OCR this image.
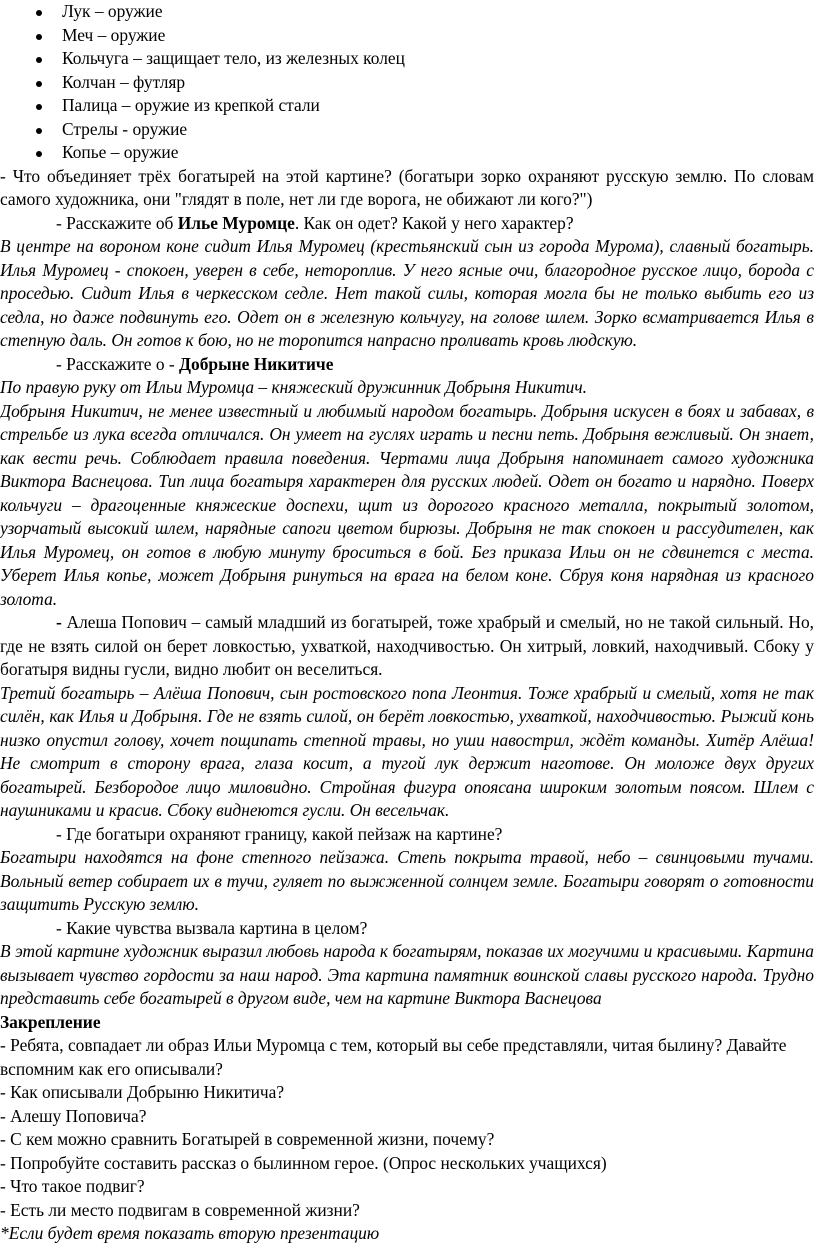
Лук – оружие
Меч – оружие
Кольчуга – защищает тело, из железных колец
Колчан – футляр
Палица – оружие из крепкой стали
Стрелы - оружие
Копье – оружие

- Что объединяет трёх богатырей на этой картине? (богатыри зорко охраняют русскую землю. По словам самого художника, они "глядят в поле, нет ли где ворога, не обижают ли кого?")

- Расскажите об Илье Муромце. Как он одет? Какой у него характер?

В центре на вороном коне сидит Илья Муромец (крестьянский сын из города Мурома), славный богатырь. Илья Муромец - спокоен, уверен в себе, нетороплив. У него ясные очи, благородное русское лицо, борода с проседью. Сидит Илья в черкесском седле. Нет такой силы, которая могла бы не только выбить его из седла, но даже подвинуть его. Одет он в железную кольчугу, на голове шлем. Зорко всматривается Илья в степную даль. Он готов к бою, но не торопится напрасно проливать кровь людскую.

- Расскажите о - Добрыне Никитиче

По правую руку от Ильи Муромца – княжеский дружинник Добрыня Никитич.

Добрыня Никитич, не менее известный и любимый народом богатырь. Добрыня искусен в боях и забавах, в стрельбе из лука всегда отличался. Он умеет на гуслях играть и песни петь. Добрыня вежливый. Он знает, как вести речь. Соблюдает правила поведения. Чертами лица Добрыня напоминает самого художника Виктора Васнецова. Тип лица богатыря характерен для русских людей. Одет он богато и нарядно. Поверх кольчуги – драгоценные княжеские доспехи, щит из дорогого красного металла, покрытый золотом, узорчатый высокий шлем, нарядные сапоги цветом бирюзы. Добрыня не так спокоен и рассудителен, как Илья Муромец, он готов в любую минуту броситься в бой. Без приказа Ильи он не сдвинется с места. Уберет Илья копье, может Добрыня ринуться на врага на белом коне. Сбруя коня нарядная из красного золота.

- Алеша Попович – самый младший из богатырей, тоже храбрый и смелый, но не такой сильный. Но, где не взять силой он берет ловкостью, ухваткой, находчивостью. Он хитрый, ловкий, находчивый. Сбоку у богатыря видны гусли, видно любит он веселиться.

Третий богатырь – Алёша Попович, сын ростовского попа Леонтия. Тоже храбрый и смелый, хотя не так силён, как Илья и Добрыня. Где не взять силой, он берёт ловкостью, ухваткой, находчивостью. Рыжий конь низко опустил голову, хочет пощипать степной травы, но уши навострил, ждёт команды. Хитёр Алёша! Не смотрит в сторону врага, глаза косит, а тугой лук держит наготове. Он моложе двух других богатырей. Безбородое лицо миловидно. Стройная фигура опоясана широким золотым поясом. Шлем с наушниками и красив. Сбоку виднеются гусли. Он весельчак.

- Где богатыри охраняют границу, какой пейзаж на картине?

Богатыри находятся на фоне степного пейзажа. Степь покрыта травой, небо – свинцовыми тучами. Вольный ветер собирает их в тучи, гуляет по выжженной солнцем земле. Богатыри говорят о готовности защитить Русскую землю.

- Какие чувства вызвала картина в целом?

В этой картине художник выразил любовь народа к богатырям, показав их могучими и красивыми. Картина вызывает чувство гордости за наш народ. Эта картина памятник воинской славы русского народа. Трудно представить себе богатырей в другом виде, чем на картине Виктора Васнецова

Закрепление

- Ребята, совпадает ли образ Ильи Муромца с тем, который вы себе представляли, читая былину? Давайте вспомним как его описывали?

- Как описывали Добрыню Никитича?

- Алешу Поповича?

- С кем можно сравнить Богатырей в современной жизни, почему?

- Попробуйте составить рассказ о былинном герое. (Опрос нескольких учащихся)

- Что такое подвиг?

- Есть ли место подвигам в современной жизни?

*Если будет время показать вторую презентацию
